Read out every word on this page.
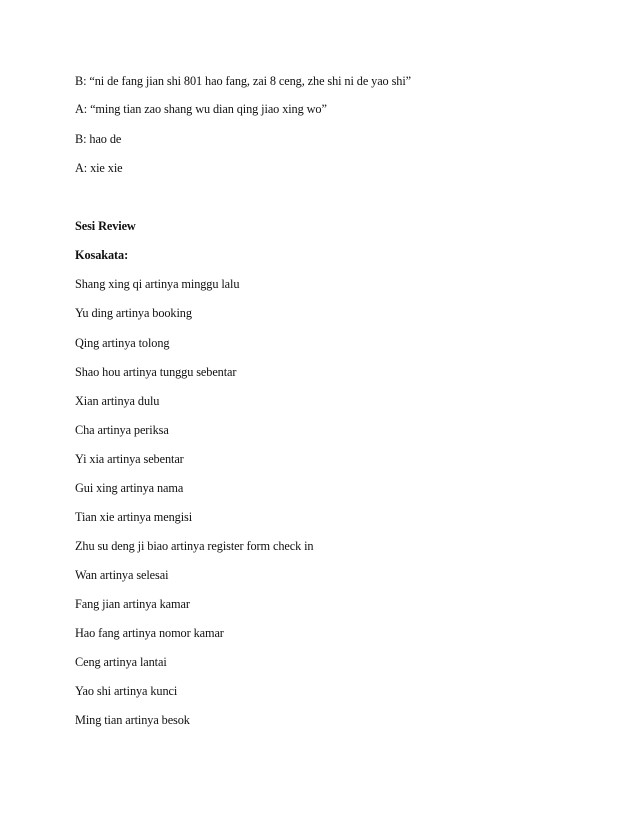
B: “ni de fang jian shi 801 hao fang, zai 8 ceng, zhe shi ni de yao shi”
A: “ming tian zao shang wu dian qing jiao xing wo”
B: hao de
A: xie xie
Sesi Review
Kosakata:
Shang xing qi artinya minggu lalu
Yu ding artinya booking
Qing artinya tolong
Shao hou artinya tunggu sebentar
Xian artinya dulu
Cha artinya periksa
Yi xia artinya sebentar
Gui xing artinya nama
Tian xie artinya mengisi
Zhu su deng ji biao artinya register form check in
Wan artinya selesai
Fang jian artinya kamar
Hao fang artinya nomor kamar
Ceng artinya lantai
Yao shi artinya kunci
Ming tian artinya besok
